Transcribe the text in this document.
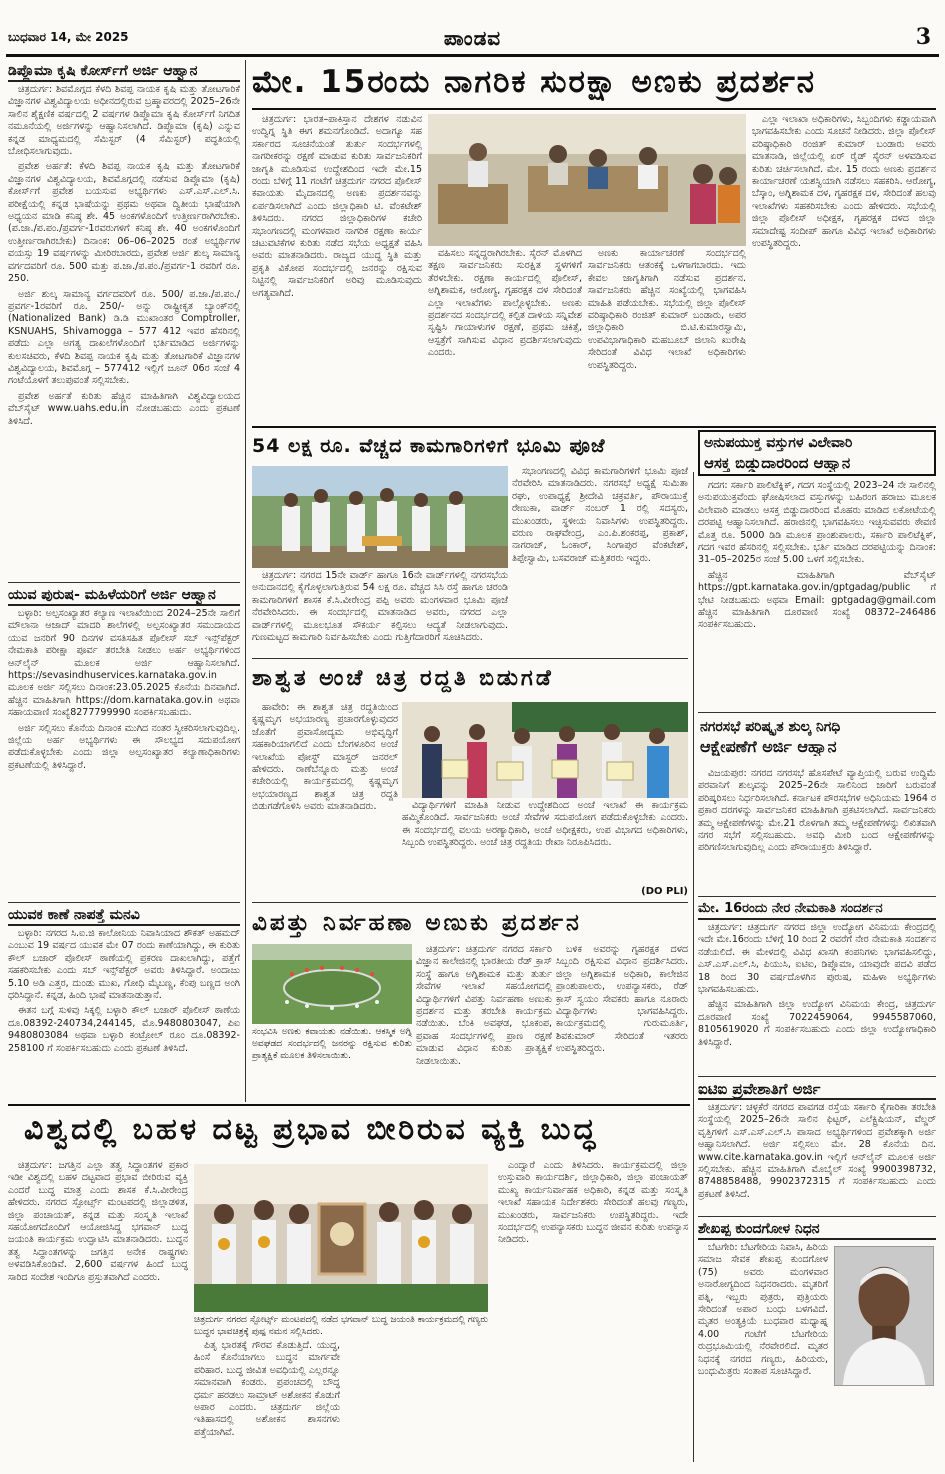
ಬುಧವಾರ 14, ಮೇ 2025	ಪಾಂಡವ	3
ಡಿಪ್ಲೊಮಾ ಕೃಷಿ ಕೋರ್ಸ್‌ಗೆ ಅರ್ಜಿ ಆಹ್ವಾನ

ಚಿತ್ರದುರ್ಗ: ಶಿವಮೊಗ್ಗದ ಕೆಳದಿ ಶಿವಪ್ಪ ನಾಯಕ ಕೃಷಿ ಮತ್ತು ತೋಟಗಾರಿಕೆ ವಿಜ್ಞಾನಗಳ ವಿಶ್ವವಿದ್ಯಾಲಯ ಅಧೀನದಲ್ಲಿರುವ ಬ್ರಹ್ಮಾವರದಲ್ಲಿ 2025–26ನೇ ಸಾಲಿನ ಶೈಕ್ಷಣಿಕ ವರ್ಷದಲ್ಲಿ 2 ವರ್ಷಗಳ ಡಿಪ್ಲೊಮಾ ಕೃಷಿ ಕೋರ್ಸ್‌ಗೆ ನಿಗದಿತ ನಮೂನೆಯಲ್ಲಿ ಅರ್ಜಿಗಳನ್ನು ಆಹ್ವಾನಿಸಲಾಗಿದೆ. ಡಿಪ್ಲೊಮಾ (ಕೃಷಿ) ಎನ್ನುವ ಕನ್ನಡ ಮಾಧ್ಯಮದಲ್ಲಿ ಸೆಮಿಸ್ಟರ್ (4 ಸೆಮಿಸ್ಟರ್) ಪದ್ಧತಿಯಲ್ಲಿ ಬೋಧಿಸಲಾಗುವುದು.

ಪ್ರವೇಶ ಅರ್ಹತೆ: ಕೆಳದಿ ಶಿವಪ್ಪ ನಾಯಕ ಕೃಷಿ ಮತ್ತು ತೋಟಗಾರಿಕೆ ವಿಜ್ಞಾನಗಳ ವಿಶ್ವವಿದ್ಯಾಲಯ, ಶಿವಮೊಗ್ಗದಲ್ಲಿ ನಡೆಸುವ ಡಿಪ್ಲೊಮಾ (ಕೃಷಿ) ಕೋರ್ಸ್‌ಗೆ ಪ್ರವೇಶ ಬಯಸುವ ಅಭ್ಯರ್ಥಿಗಳು ಎಸ್.ಎಸ್.ಎಲ್.ಸಿ. ಪರೀಕ್ಷೆಯಲ್ಲಿ ಕನ್ನಡ ಭಾಷೆಯನ್ನು ಪ್ರಥಮ ಅಥವಾ ದ್ವಿತೀಯ ಭಾಷೆಯಾಗಿ ಅಧ್ಯಯನ ಮಾಡಿ ಕನಿಷ್ಠ ಶೇ. 45 ಅಂಕಗಳೊಂದಿಗೆ ಉತ್ತೀರ್ಣರಾಗಿರಬೇಕು. (ಪ.ಜಾ./ಪ.ಪಂ./ಪ್ರವರ್ಗ-1ರವರುಗಳಿಗೆ ಕನಿಷ್ಠ ಶೇ. 40 ಅಂಕಗಳೊಂದಿಗೆ ಉತ್ತೀರ್ಣರಾಗಿರಬೇಕು) ದಿನಾಂಕ: 06–06–2025 ರಂತೆ ಅಭ್ಯರ್ಥಿಗಳ ವಯಸ್ಸು 19 ವರ್ಷಗಳನ್ನು ಮೀರಿರಬಾರದು, ಪ್ರವೇಶ ಅರ್ಜಿ ಶುಲ್ಕ ಸಾಮಾನ್ಯ ವರ್ಗದವರಿಗೆ ರೂ. 500 ಮತ್ತು ಪ.ಜಾ./ಪ.ಪಂ./ಪ್ರವರ್ಗ-1 ರವರಿಗೆ ರೂ. 250.

ಅರ್ಜಿ ಶುಲ್ಕ ಸಾಮಾನ್ಯ ವರ್ಗದವರಿಗೆ ರೂ. 500/ ಪ.ಜಾ./ಪ.ಪಂ./ಪ್ರವರ್ಗ-1ರವರಿಗೆ ರೂ. 250/- ಅನ್ನು ರಾಷ್ಟ್ರೀಕೃತ ಬ್ಯಾಂಕ್‌ನಲ್ಲಿ (Nationalized Bank) ಡಿ.ಡಿ ಮುಖಾಂತರ Comptroller, KSNUAHS, Shivamogga – 577 412 ಇವರ ಹೆಸರಿನಲ್ಲಿ ಪಡೆದು ಎಲ್ಲಾ ಅಗತ್ಯ ದಾಖಲೆಗಳೊಂದಿಗೆ ಭರ್ತಿಮಾಡಿದ ಅರ್ಜಿಗಳನ್ನು ಕುಲಸಚಿವರು, ಕೆಳದಿ ಶಿವಪ್ಪ ನಾಯಕ ಕೃಷಿ ಮತ್ತು ತೋಟಗಾರಿಕೆ ವಿಜ್ಞಾನಗಳ ವಿಶ್ವವಿದ್ಯಾಲಯ, ಶಿವಮೊಗ್ಗ – 577412 ಇಲ್ಲಿಗೆ ಜೂನ್ 06ರ ಸಂಜೆ 4 ಗಂಟೆಯೊಳಗೆ ತಲುಪುವಂತೆ ಸಲ್ಲಿಸಬೇಕು.

ಪ್ರವೇಶ ಅರ್ಹತೆ ಕುರಿತು ಹೆಚ್ಚಿನ ಮಾಹಿತಿಗಾಗಿ ವಿಶ್ವವಿದ್ಯಾಲಯದ ವೆಬ್‌ಸೈಟ್ www.uahs.edu.in ನೋಡಬಹುದು ಎಂದು ಪ್ರಕಟಣೆ ತಿಳಿಸಿದೆ.

ಯುವ ಪುರುಷ- ಮಹಿಳೆಯರಿಗೆ ಅರ್ಜಿ ಆಹ್ವಾನ

ಬಳ್ಳಾರಿ: ಅಲ್ಪಸಂಖ್ಯಾತರ ಕಲ್ಯಾಣ ಇಲಾಖೆಯಿಂದ 2024–25ನೇ ಸಾಲಿಗೆ ಮೌಲಾನಾ ಆಜಾದ್ ಮಾದರಿ ಶಾಲೆಗಳಲ್ಲಿ ಅಲ್ಪಸಂಖ್ಯಾತರ ಸಮುದಾಯದ ಯುವ ಜನರಿಗೆ 90 ದಿನಗಳ ವಸತಿಸಹಿತ ಪೊಲೀಸ್ ಸಬ್ ಇನ್ಸ್‌ಪೆಕ್ಟರ್ ನೇಮಕಾತಿ ಪರೀಕ್ಷಾ ಪೂರ್ವ ತರಬೇತಿ ನೀಡಲು ಅರ್ಹ ಅಭ್ಯರ್ಥಿಗಳಿಂದ ಆನ್‌ಲೈನ್ ಮೂಲಕ ಅರ್ಜಿ ಆಹ್ವಾನಿಸಲಾಗಿದೆ. https://sevasindhuservices.karnataka.gov.in ಮೂಲಕ ಅರ್ಜಿ ಸಲ್ಲಿಸಲು ದಿನಾಂಕ:23.05.2025 ಕೊನೆಯ ದಿನವಾಗಿದೆ. ಹೆಚ್ಚಿನ ಮಾಹಿತಿಗಾಗಿ https://dom.karnataka.gov.in ಅಥವಾ ಸಹಾಯವಾಣಿ ಸಂಖ್ಯೆ8277799990 ಸಂಪರ್ಕಿಸಬಹುದು.

ಅರ್ಜಿ ಸಲ್ಲಿಸಲು ಕೊನೆಯ ದಿನಾಂಕ ಮುಗಿದ ನಂತರ ಸ್ವೀಕರಿಸಲಾಗುವುದಿಲ್ಲ. ಜಿಲ್ಲೆಯ ಅರ್ಹ ಅಭ್ಯರ್ಥಿಗಳು ಈ ಸೌಲಭ್ಯದ ಸದುಪಯೋಗ ಪಡೆದುಕೊಳ್ಳಬೇಕು ಎಂದು ಜಿಲ್ಲಾ ಅಲ್ಪಸಂಖ್ಯಾತರ ಕಲ್ಯಾಣಾಧಿಕಾರಿಗಳು ಪ್ರಕಟಣೆಯಲ್ಲಿ ತಿಳಿಸಿದ್ದಾರೆ.

ಯುವಕ ಕಾಣೆ ನಾಪತ್ತೆ ಮನವಿ

ಬಳ್ಳಾರಿ: ನಗರದ ಸಿ.ಐ.ಜಿ ಕಾಲೋನಿಯ ನಿವಾಸಿಯಾದ ಶೌಕತ್ ಅಹಮದ್ ಎಂಬುವ 19 ವರ್ಷದ ಯುವಕ ಮೇ 07 ರಂದು ಕಾಣೆಯಾಗಿದ್ದು, ಈ ಕುರಿತು ಕೌಲ್ ಬಜಾರ್ ಪೊಲೀಸ್ ಠಾಣೆಯಲ್ಲಿ ಪ್ರಕರಣ ದಾಖಲಾಗಿದ್ದು, ಪತ್ತೆಗೆ ಸಹಕರಿಸಬೇಕು ಎಂದು ಸಬ್ ಇನ್ಸ್‌ಪೆಕ್ಟರ್ ಅವರು ತಿಳಿಸಿದ್ದಾರೆ. ಅಂದಾಜು 5.10 ಅಡಿ ಎತ್ತರ, ದುಂಡು ಮುಖ, ಗೋಧಿ ಮೈಬಣ್ಣ, ಕೆಂಪು ಬಣ್ಣದ ಅಂಗಿ ಧರಿಸಿದ್ದಾನೆ. ಕನ್ನಡ, ಹಿಂದಿ ಭಾಷೆ ಮಾತನಾಡುತ್ತಾನೆ.

ಈತನ ಬಗ್ಗೆ ಸುಳಿವು ಸಿಕ್ಕಲ್ಲಿ ಬಳ್ಳಾರಿ ಕೌಲ್ ಬಜಾರ್ ಪೊಲೀಸ್ ಠಾಣೆಯ ದೂ.08392-240734,244145, ಮೊ.9480803047, ಪಿಐ 9480803084 ಅಥವಾ ಬಳ್ಳಾರಿ ಕಂಟ್ರೋಲ್ ರೂಂ ದೂ.08392-258100 ಗೆ ಸಂಪರ್ಕಿಸಬಹುದು ಎಂದು ಪ್ರಕಟಣೆ ತಿಳಿಸಿದೆ.

ಮೇ. 15ರಂದು ನಾಗರಿಕ ಸುರಕ್ಷಾ ಅಣಕು ಪ್ರದರ್ಶನ

ಚಿತ್ರದುರ್ಗ: ಭಾರತ–ಪಾಕಿಸ್ತಾನ ದೇಶಗಳ ನಡುವಿನ ಉದ್ವಿಗ್ನ ಸ್ಥಿತಿ ಈಗ ಶಮನಗೊಂಡಿದೆ. ಅದಾಗ್ಯೂ ಸಹ ಸರ್ಕಾರದ ಸೂಚನೆಯಂತೆ ತುರ್ತು ಸಂದರ್ಭಗಳಲ್ಲಿ ನಾಗರೀಕರನ್ನು ರಕ್ಷಣೆ ಮಾಡುವ ಕುರಿತು ಸಾರ್ವಜನಿಕರಿಗೆ ಜಾಗೃತಿ ಮೂಡಿಸುವ ಉದ್ದೇಶದಿಂದ ಇದೇ ಮೇ.15 ರಂದು ಬೆಳಿಗ್ಗೆ 11 ಗಂಟೆಗೆ ಚಿತ್ರದುರ್ಗ ನಗರದ ಪೊಲೀಸ್ ಕವಾಯತು ಮೈದಾನದಲ್ಲಿ ಅಣಕು ಪ್ರದರ್ಶನವನ್ನು ಏರ್ಪಡಿಸಲಾಗಿದೆ ಎಂದು ಜಿಲ್ಲಾಧಿಕಾರಿ ಟಿ. ವೆಂಕಟೇಶ್ ತಿಳಿಸಿದರು. ನಗರದ ಜಿಲ್ಲಾಧಿಕಾರಿಗಳ ಕಚೇರಿ ಸಭಾಂಗಣದಲ್ಲಿ ಮಂಗಳವಾರ ನಾಗರಿಕ ರಕ್ಷಣಾ ಕಾರ್ಯ ಚಟುವಟಿಕೆಗಳ ಕುರಿತು ನಡೆದ ಸಭೆಯ ಅಧ್ಯಕ್ಷತೆ ವಹಿಸಿ ಅವರು ಮಾತನಾಡಿದರು. ರಾಜ್ಯದ ಯುದ್ಧ ಸ್ಥಿತಿ ಮತ್ತು ಪ್ರಕೃತಿ ವಿಕೋಪ ಸಂದರ್ಭದಲ್ಲಿ ಜನರನ್ನು ರಕ್ಷಿಸುವ ನಿಟ್ಟಿನಲ್ಲಿ ಸಾರ್ವಜನಿಕರಿಗೆ ಅರಿವು ಮೂಡಿಸುವುದು ಅಗತ್ಯವಾಗಿದೆ.

ವಹಿಸಲು ಸನ್ನದ್ದರಾಗಿರಬೇಕು. ಸೈರನ್ ಮೊಳಗಿದ ತಕ್ಷಣ ಸಾರ್ವಜನಿಕರು ಸುರಕ್ಷಿತ ಸ್ಥಳಗಳಿಗೆ ತೆರಳಬೇಕು. ರಕ್ಷಣಾ ಕಾರ್ಯದಲ್ಲಿ ಪೊಲೀಸ್, ಅಗ್ನಿಶಾಮಕ, ಆರೋಗ್ಯ, ಗೃಹರಕ್ಷಕ ದಳ ಸೇರಿದಂತೆ ಎಲ್ಲಾ ಇಲಾಖೆಗಳು ಪಾಲ್ಗೊಳ್ಳಬೇಕು. ಅಣಕು ಪ್ರದರ್ಶನದ ಸಂದರ್ಭದಲ್ಲಿ ಕಲ್ಪಿತ ದಾಳಿಯ ಸನ್ನಿವೇಶ ಸೃಷ್ಟಿಸಿ ಗಾಯಾಳುಗಳ ರಕ್ಷಣೆ, ಪ್ರಥಮ ಚಿಕಿತ್ಸೆ, ಆಸ್ಪತ್ರೆಗೆ ಸಾಗಿಸುವ ವಿಧಾನ ಪ್ರದರ್ಶಿಸಲಾಗುವುದು ಎಂದರು.

ಅಣಕು ಕಾರ್ಯಾಚರಣೆ ಸಂದರ್ಭದಲ್ಲಿ ಸಾರ್ವಜನಿಕರು ಆತಂಕಕ್ಕೆ ಒಳಗಾಗಬಾರದು. ಇದು ಕೇವಲ ಜಾಗೃತಿಗಾಗಿ ನಡೆಸುವ ಪ್ರದರ್ಶನ. ಸಾರ್ವಜನಿಕರು ಹೆಚ್ಚಿನ ಸಂಖ್ಯೆಯಲ್ಲಿ ಭಾಗವಹಿಸಿ ಮಾಹಿತಿ ಪಡೆಯಬೇಕು. ಸಭೆಯಲ್ಲಿ ಜಿಲ್ಲಾ ಪೊಲೀಸ್ ವರಿಷ್ಠಾಧಿಕಾರಿ ರಂಜಿತ್ ಕುಮಾರ್ ಬಂಡಾರು, ಅಪರ ಜಿಲ್ಲಾಧಿಕಾರಿ ಬಿ.ಟಿ.ಕುಮಾರಸ್ವಾಮಿ, ಉಪವಿಭಾಗಾಧಿಕಾರಿ ಮಹಬೂಬ್ ಜಿಲಾನಿ ಖುರೇಷಿ ಸೇರಿದಂತೆ ವಿವಿಧ ಇಲಾಖೆ ಅಧಿಕಾರಿಗಳು ಉಪಸ್ಥಿತರಿದ್ದರು.

ಎಲ್ಲಾ ಇಲಾಖಾ ಅಧಿಕಾರಿಗಳು, ಸಿಬ್ಬಂದಿಗಳು ಕಡ್ಡಾಯವಾಗಿ ಭಾಗವಹಿಸಬೇಕು ಎಂದು ಸೂಚನೆ ನೀಡಿದರು. ಜಿಲ್ಲಾ ಪೊಲೀಸ್ ವರಿಷ್ಠಾಧಿಕಾರಿ ರಂಜಿತ್ ಕುಮಾರ್ ಬಂಡಾರು ಅವರು ಮಾತನಾಡಿ, ಜಿಲ್ಲೆಯಲ್ಲಿ ಏರ್ ರೈಡ್ ಸೈರನ್ ಅಳವಡಿಸುವ ಕುರಿತು ಚರ್ಚಿಸಲಾಗಿದೆ. ಮೇ. 15 ರಂದು ಅಣಕು ಪ್ರದರ್ಶನ ಕಾರ್ಯಾಚರಣೆ ಯಶಸ್ವಿಯಾಗಿ ನಡೆಸಲು ಸಹಕರಿಸಿ. ಆರೋಗ್ಯ, ಬೆಸ್ಕಾಂ, ಅಗ್ನಿಶಾಮಕ ದಳ, ಗೃಹರಕ್ಷಕ ದಳ, ಸೇರಿದಂತೆ ಹಲವು ಇಲಾಖೆಗಳು ಸಹಕರಿಸಬೇಕು ಎಂದು ಹೇಳಿದರು. ಸಭೆಯಲ್ಲಿ ಜಿಲ್ಲಾ ಪೊಲೀಸ್ ಅಧೀಕ್ಷಕ, ಗೃಹರಕ್ಷಕ ದಳದ ಜಿಲ್ಲಾ ಸಮಾದೇಷ್ಟ ಸಂದೀಪ್ ಹಾಗೂ ವಿವಿಧ ಇಲಾಖೆ ಅಧಿಕಾರಿಗಳು ಉಪಸ್ಥಿತರಿದ್ದರು.

54 ಲಕ್ಷ ರೂ. ವೆಚ್ಚದ ಕಾಮಗಾರಿಗಳಿಗೆ ಭೂಮಿ ಪೂಜೆ

ಚಿತ್ರದುರ್ಗ: ನಗರದ 15ನೇ ವಾರ್ಡ್ ಹಾಗೂ 16ನೇ ವಾರ್ಡ್‌ಗಳಲ್ಲಿ ನಗರಸಭೆಯ ಅನುದಾನದಲ್ಲಿ ಕೈಗೊಳ್ಳಲಾಗುತ್ತಿರುವ 54 ಲಕ್ಷ ರೂ. ವೆಚ್ಚದ ಸಿಸಿ ರಸ್ತೆ ಹಾಗೂ ಚರಂಡಿ ಕಾಮಗಾರಿಗಳಿಗೆ ಶಾಸಕ ಕೆ.ಸಿ.ವೀರೇಂದ್ರ ಪಪ್ಪಿ ಅವರು ಮಂಗಳವಾರ ಭೂಮಿ ಪೂಜೆ ನೆರವೇರಿಸಿದರು. ಈ ಸಂದರ್ಭದಲ್ಲಿ ಮಾತನಾಡಿದ ಅವರು, ನಗರದ ಎಲ್ಲಾ ವಾರ್ಡ್‌ಗಳಲ್ಲಿ ಮೂಲಭೂತ ಸೌಕರ್ಯ ಕಲ್ಪಿಸಲು ಆದ್ಯತೆ ನೀಡಲಾಗುವುದು. ಗುಣಮಟ್ಟದ ಕಾಮಗಾರಿ ನಿರ್ವಹಿಸಬೇಕು ಎಂದು ಗುತ್ತಿಗೆದಾರರಿಗೆ ಸೂಚಿಸಿದರು.

ಸಭಾಂಗಣದಲ್ಲಿ ವಿವಿಧ ಕಾಮಗಾರಿಗಳಿಗೆ ಭೂಮಿ ಪೂಜೆ ನೆರವೇರಿಸಿ ಮಾತನಾಡಿದರು. ನಗರಸಭೆ ಅಧ್ಯಕ್ಷೆ ಸುಮಿತಾ ರಘು, ಉಪಾಧ್ಯಕ್ಷೆ ಶ್ರೀದೇವಿ ಚಕ್ರವರ್ತಿ, ಪೌರಾಯುಕ್ತೆ ರೇಣುಕಾ, ವಾರ್ಡ್ ನಂಬರ್ 1 ರಲ್ಲಿ ಸದಸ್ಯರು, ಮುಖಂಡರು, ಸ್ಥಳೀಯ ನಿವಾಸಿಗಳು ಉಪಸ್ಥಿತರಿದ್ದರು. ವರುಣ ರಾಘವೇಂದ್ರ, ಎಂ.ಪಿ.ಶಂಕರಪ್ಪ, ಪ್ರಕಾಶ್, ನಾಗರಾಜ್, ಓಂಕಾರ್, ಸಿಂಗಾಪುರ ವೆಂಕಟೇಶ್, ತಿಪ್ಪೇಸ್ವಾಮಿ, ಬಸವರಾಜ್ ಮತ್ತಿತರರು ಇದ್ದರು.

ಶಾಶ್ವತ ಅಂಚೆ ಚಿತ್ರ ರದ್ದತಿ ಬಿಡುಗಡೆ

ಹಾವೇರಿ: ಈ ಶಾಶ್ವತ ಚಿತ್ರ ರದ್ದತಿಯಿಂದ ಕೃಷ್ಣಮೃಗ ಅಭಯಾರಣ್ಯ ಪ್ರಚಾರಗೊಳ್ಳುವುದರ ಜೊತೆಗೆ ಪ್ರವಾಸೋದ್ಯಮ ಅಭಿವೃದ್ಧಿಗೆ ಸಹಕಾರಿಯಾಗಲಿದೆ ಎಂದು ಬೆಂಗಳೂರಿನ ಅಂಚೆ ಇಲಾಖೆಯ ಪೋಸ್ಟ್ ಮಾಸ್ಟರ್ ಜನರಲ್ ಹೇಳಿದರು. ರಾಣೆಬೆನ್ನೂರು ಮತ್ತು ಅಂಚೆ ಕಚೇರಿಯಲ್ಲಿ ಕಾರ್ಯಕ್ರಮದಲ್ಲಿ ಕೃಷ್ಣಮೃಗ ಅಭಯಾರಣ್ಯದ ಶಾಶ್ವತ ಚಿತ್ರ ರದ್ದತಿ ಬಿಡುಗಡೆಗೊಳಿಸಿ ಅವರು ಮಾತನಾಡಿದರು.	ವಿದ್ಯಾರ್ಥಿಗಳಿಗೆ ಮಾಹಿತಿ ನೀಡುವ ಉದ್ದೇಶದಿಂದ ಅಂಚೆ ಇಲಾಖೆ ಈ ಕಾರ್ಯಕ್ರಮ ಹಮ್ಮಿಕೊಂಡಿದೆ. ಸಾರ್ವಜನಿಕರು ಅಂಚೆ ಸೇವೆಗಳ ಸದುಪಯೋಗ ಪಡೆದುಕೊಳ್ಳಬೇಕು ಎಂದರು. ಈ ಸಂದರ್ಭದಲ್ಲಿ ವಲಯ ಅರಣ್ಯಾಧಿಕಾರಿ, ಅಂಚೆ ಅಧೀಕ್ಷಕರು, ಉಪ ವಿಭಾಗದ ಅಧಿಕಾರಿಗಳು, ಸಿಬ್ಬಂದಿ ಉಪಸ್ಥಿತರಿದ್ದರು. ಅಂಚೆ ಚಿತ್ರ ರದ್ದತಿಯ ರೇಖಾ ನಿರೂಪಿಸಿದರು.

(DO PLI)
ವಿಪತ್ತು ನಿರ್ವಹಣಾ ಅಣುಕು ಪ್ರದರ್ಶನ

ಚಿತ್ರದುರ್ಗ: ಚಿತ್ರದುರ್ಗ ನಗರದ ಸರ್ಕಾರಿ ವಿಜ್ಞಾನ ಕಾಲೇಜಿನಲ್ಲಿ ಭಾರತೀಯ ರೆಡ್ ಕ್ರಾಸ್ ಸಂಸ್ಥೆ ಹಾಗೂ ಅಗ್ನಿಶಾಮಕ ಮತ್ತು ತುರ್ತು ಸೇವೆಗಳ ಇಲಾಖೆ ಸಹಯೋಗದಲ್ಲಿ ವಿದ್ಯಾರ್ಥಿಗಳಿಗೆ ವಿಪತ್ತು ನಿರ್ವಹಣಾ ಅಣುಕು ಪ್ರದರ್ಶನ ಮತ್ತು ತರಬೇತಿ ಕಾರ್ಯಕ್ರಮ ನಡೆಯಿತು. ಬೆಂಕಿ ಅವಘಡ, ಭೂಕಂಪ, ಪ್ರವಾಹ ಸಂದರ್ಭಗಳಲ್ಲಿ ಪ್ರಾಣ ರಕ್ಷಣೆ ಮಾಡುವ ವಿಧಾನ ಕುರಿತು ಪ್ರಾತ್ಯಕ್ಷಿಕೆ ನೀಡಲಾಯಿತು.

ಸಂಭವಿಸಿ ಅಣಕು ಕವಾಯತು ನಡೆಯಿತು. ಆಕಸ್ಮಿಕ ಅಗ್ನಿ ಅವಘಡದ ಸಂದರ್ಭದಲ್ಲಿ ಜನರನ್ನು ರಕ್ಷಿಸುವ ಕುರಿತು ಪ್ರಾತ್ಯಕ್ಷಿಕೆ ಮೂಲಕ ತಿಳಿಸಲಾಯಿತು.

ಬಳಿಕ ಅವರನ್ನು ಗೃಹರಕ್ಷಕ ದಳದ ಸಿಬ್ಬಂದಿ ರಕ್ಷಿಸುವ ವಿಧಾನ ಪ್ರದರ್ಶಿಸಿದರು. ಜಿಲ್ಲಾ ಅಗ್ನಿಶಾಮಕ ಅಧಿಕಾರಿ, ಕಾಲೇಜಿನ ಪ್ರಾಂಶುಪಾಲರು, ಉಪನ್ಯಾಸಕರು, ರೆಡ್ ಕ್ರಾಸ್ ಸ್ವಯಂ ಸೇವಕರು ಹಾಗೂ ನೂರಾರು ವಿದ್ಯಾರ್ಥಿಗಳು ಭಾಗವಹಿಸಿದ್ದರು. ಕಾರ್ಯಕ್ರಮದಲ್ಲಿ ಗುರುಮೂರ್ತಿ, ಶಿವಕುಮಾರ್ ಸೇರಿದಂತೆ ಇತರರು ಉಪಸ್ಥಿತರಿದ್ದರು.

ವಿಶ್ವದಲ್ಲಿ ಬಹಳ ದಟ್ಟ ಪ್ರಭಾವ ಬೀರಿರುವ ವ್ಯಕ್ತಿ ಬುದ್ಧ

ಚಿತ್ರದುರ್ಗ: ಜಗತ್ತಿನ ಎಲ್ಲಾ ತತ್ವ ಸಿದ್ಧಾಂತಗಳ ಪ್ರಕಾರ ಇಡೀ ವಿಶ್ವದಲ್ಲಿ ಬಹಳ ದಟ್ಟವಾದ ಪ್ರಭಾವ ಬೀರಿರುವ ವ್ಯಕ್ತಿ ಎಂದರೆ ಬುದ್ಧ ಮಾತ್ರ ಎಂದು ಶಾಸಕ ಕೆ.ಸಿ.ವೀರೇಂದ್ರ ಹೇಳಿದರು. ನಗರದ ಸ್ಪೋರ್ಟ್ಸ್ ಮಂಟಪದಲ್ಲಿ ಜಿಲ್ಲಾಡಳಿತ, ಜಿಲ್ಲಾ ಪಂಚಾಯತ್, ಕನ್ನಡ ಮತ್ತು ಸಂಸ್ಕೃತಿ ಇಲಾಖೆ ಸಹಯೋಗದೊಂದಿಗೆ ಆಯೋಜಿಸಿದ್ದ ಭಗವಾನ್ ಬುದ್ಧ ಜಯಂತಿ ಕಾರ್ಯಕ್ರಮ ಉದ್ಘಾಟಿಸಿ ಮಾತನಾಡಿದರು. ಬುದ್ಧನ ತತ್ವ ಸಿದ್ಧಾಂತಗಳನ್ನು ಜಗತ್ತಿನ ಅನೇಕ ರಾಷ್ಟ್ರಗಳು ಅಳವಡಿಸಿಕೊಂಡಿವೆ. 2,600 ವರ್ಷಗಳ ಹಿಂದೆ ಬುದ್ಧ ಸಾರಿದ ಸಂದೇಶ ಇಂದಿಗೂ ಪ್ರಸ್ತುತವಾಗಿದೆ ಎಂದರು.

ಚಿತ್ರದುರ್ಗ ನಗರದ ಸ್ಪೋರ್ಟ್ಸ್ ಮಂಟಪದಲ್ಲಿ ನಡೆದ ಭಗವಾನ್ ಬುದ್ಧ ಜಯಂತಿ ಕಾರ್ಯಕ್ರಮದಲ್ಲಿ ಗಣ್ಯರು ಬುದ್ಧನ ಭಾವಚಿತ್ರಕ್ಕೆ ಪುಷ್ಪ ನಮನ ಸಲ್ಲಿಸಿದರು.

ಪಿತೃ ಭಾರತಕ್ಕೆ ಗೌರವ ಕೊಡುತ್ತಿದೆ. ಯುದ್ಧ, ಹಿಂಸೆ ಕೊನೆಯಾಗಲು ಬುದ್ಧನ ಮಾರ್ಗವೇ ಪರಿಹಾರ. ಬುದ್ಧ ಜೀವಿತ ಅವಧಿಯಲ್ಲಿ ಎಲ್ಲರನ್ನೂ ಸಮಾನವಾಗಿ ಕಂಡರು. ಪ್ರಪಂಚದಲ್ಲಿ ಬೌದ್ಧ ಧರ್ಮ ಹರಡಲು ಸಾಮ್ರಾಟ್ ಅಶೋಕನ ಕೊಡುಗೆ ಅಪಾರ ಎಂದರು. ಚಿತ್ರದುರ್ಗ ಜಿಲ್ಲೆಯ ಇತಿಹಾಸದಲ್ಲಿ ಅಶೋಕನ ಶಾಸನಗಳು ಪತ್ತೆಯಾಗಿವೆ.

ಎಂದ್ವಾರೆ ಎಂದು ತಿಳಿಸಿದರು. ಕಾರ್ಯಕ್ರಮದಲ್ಲಿ ಜಿಲ್ಲಾ ಉಸ್ತುವಾರಿ ಕಾರ್ಯದರ್ಶಿ, ಜಿಲ್ಲಾಧಿಕಾರಿ, ಜಿಲ್ಲಾ ಪಂಚಾಯತ್ ಮುಖ್ಯ ಕಾರ್ಯನಿರ್ವಾಹಕ ಅಧಿಕಾರಿ, ಕನ್ನಡ ಮತ್ತು ಸಂಸ್ಕೃತಿ ಇಲಾಖೆ ಸಹಾಯಕ ನಿರ್ದೇಶಕರು ಸೇರಿದಂತೆ ಹಲವು ಗಣ್ಯರು, ಮುಖಂಡರು, ಸಾರ್ವಜನಿಕರು ಉಪಸ್ಥಿತರಿದ್ದರು. ಇದೇ ಸಂದರ್ಭದಲ್ಲಿ ಉಪನ್ಯಾಸಕರು ಬುದ್ಧನ ಜೀವನ ಕುರಿತು ಉಪನ್ಯಾಸ ನೀಡಿದರು.

ಅನುಪಯುಕ್ತ ವಸ್ತುಗಳ ವಿಲೇವಾರಿ
ಆಸಕ್ತ ಬಿಡ್ಡುದಾರರಿಂದ ಆಹ್ವಾನ

ಗದಗ: ಸರ್ಕಾರಿ ಪಾಲಿಟೆಕ್ನಿಕ್, ಗದಗ ಸಂಸ್ಥೆಯಲ್ಲಿ 2023–24 ನೇ ಸಾಲಿನಲ್ಲಿ ಅನುಪಯುಕ್ತವೆಂದು ಘೋಷಿಸಲಾದ ವಸ್ತುಗಳನ್ನು ಬಹಿರಂಗ ಹರಾಜು ಮೂಲಕ ವಿಲೇವಾರಿ ಮಾಡಲು ಆಸಕ್ತ ಬಿಡ್ಡುದಾರರಿಂದ ಮೊಹರು ಮಾಡಿದ ಲಕೋಟೆಯಲ್ಲಿ ದರಪಟ್ಟಿ ಆಹ್ವಾನಿಸಲಾಗಿದೆ. ಹರಾಜಿನಲ್ಲಿ ಭಾಗವಹಿಸಲು ಇಚ್ಛಿಸುವವರು ಠೇವಣಿ ಮೊತ್ತ ರೂ. 5000 ಡಿಡಿ ಮೂಲಕ ಪ್ರಾಂಶುಪಾಲರು, ಸರ್ಕಾರಿ ಪಾಲಿಟೆಕ್ನಿಕ್, ಗದಗ ಇವರ ಹೆಸರಿನಲ್ಲಿ ಸಲ್ಲಿಸಬೇಕು. ಭರ್ತಿ ಮಾಡಿದ ದರಪಟ್ಟಿಯನ್ನು ದಿನಾಂಕ: 31–05–2025ರ ಸಂಜೆ 5.00 ಒಳಗೆ ಸಲ್ಲಿಸಬೇಕು.

ಹೆಚ್ಚಿನ ಮಾಹಿತಿಗಾಗಿ ವೆಬ್‌ಸೈಟ್ https://gpt.karnataka.gov.in/gptgadag/public ಗೆ ಭೇಟಿ ನೀಡಬಹುದು ಅಥವಾ Email: gptgadag@gmail.com ಹೆಚ್ಚಿನ ಮಾಹಿತಿಗಾಗಿ ದೂರವಾಣಿ ಸಂಖ್ಯೆ 08372–246486 ಸಂಪರ್ಕಿಸಬಹುದು.

ನಗರಸಭೆ ಪರಿಷ್ಕೃತ ಶುಲ್ಕ ನಿಗಧಿ
ಆಕ್ಷೇಪಣೆಗೆ ಅರ್ಜಿ ಆಹ್ವಾನ

ವಿಜಯಪುರ: ನಗರದ ನಗರಸಭೆ ಹೊಸಪೇಟೆ ವ್ಯಾಪ್ತಿಯಲ್ಲಿ ಬರುವ ಉದ್ದಿಮೆ ಪರವಾನಿಗೆ ಶುಲ್ಕವನ್ನು 2025–26ನೇ ಸಾಲಿನಿಂದ ಜಾರಿಗೆ ಬರುವಂತೆ ಪರಿಷ್ಕರಿಸಲು ನಿರ್ಧರಿಸಲಾಗಿದೆ. ಕರ್ನಾಟಕ ಪೌರಸಭೆಗಳ ಅಧಿನಿಯಮ 1964 ರ ಪ್ರಕಾರ ದರಗಳನ್ನು ಸಾರ್ವಜನಿಕರ ಮಾಹಿತಿಗಾಗಿ ಪ್ರಕಟಿಸಲಾಗಿದೆ. ಸಾರ್ವಜನಿಕರು ತಮ್ಮ ಆಕ್ಷೇಪಣೆಗಳನ್ನು ಮೇ.21 ರೊಳಗಾಗಿ ತಮ್ಮ ಆಕ್ಷೇಪಣೆಗಳನ್ನು ಲಿಖಿತವಾಗಿ ನಗರ ಸಭೆಗೆ ಸಲ್ಲಿಸಬಹುದು. ಅವಧಿ ಮೀರಿ ಬಂದ ಆಕ್ಷೇಪಣೆಗಳನ್ನು ಪರಿಗಣಿಸಲಾಗುವುದಿಲ್ಲ ಎಂದು ಪೌರಾಯುಕ್ತರು ತಿಳಿಸಿದ್ದಾರೆ.

ಮೇ. 16ರಂದು ನೇರ ನೇಮಕಾತಿ ಸಂದರ್ಶನ

ಚಿತ್ರದುರ್ಗ: ಚಿತ್ರದುರ್ಗ ನಗರದ ಜಿಲ್ಲಾ ಉದ್ಯೋಗ ವಿನಿಮಯ ಕೇಂದ್ರದಲ್ಲಿ ಇದೇ ಮೇ.16ರಂದು ಬೆಳಿಗ್ಗೆ 10 ರಿಂದ 2 ರವರೆಗೆ ನೇರ ನೇಮಕಾತಿ ಸಂದರ್ಶನ ನಡೆಯಲಿದೆ. ಈ ಮೇಳದಲ್ಲಿ ವಿವಿಧ ಖಾಸಗಿ ಕಂಪನಿಗಳು ಭಾಗವಹಿಸಲಿದ್ದು, ಎಸ್.ಎಸ್.ಎಲ್.ಸಿ, ಪಿಯುಸಿ, ಐಟಿಐ, ಡಿಪ್ಲೊಮಾ, ಯಾವುದೇ ಪದವಿ ಪಡೆದ 18 ರಿಂದ 30 ವರ್ಷದೊಳಗಿನ ಪುರುಷ, ಮಹಿಳಾ ಅಭ್ಯರ್ಥಿಗಳು ಭಾಗವಹಿಸಬಹುದು.

ಹೆಚ್ಚಿನ ಮಾಹಿತಿಗಾಗಿ ಜಿಲ್ಲಾ ಉದ್ಯೋಗ ವಿನಿಮಯ ಕೇಂದ್ರ, ಚಿತ್ರದುರ್ಗ ದೂರವಾಣಿ ಸಂಖ್ಯೆ 7022459064, 9945587060, 8105619020 ಗೆ ಸಂಪರ್ಕಿಸಬಹುದು ಎಂದು ಜಿಲ್ಲಾ ಉದ್ಯೋಗಾಧಿಕಾರಿ ತಿಳಿಸಿದ್ದಾರೆ.

ಐಟಿಐ ಪ್ರವೇಶಾತಿಗೆ ಅರ್ಜಿ

ಚಿತ್ರದುರ್ಗ: ಚಳ್ಳಕೆರೆ ನಗರದ ಪಾವಗಡ ರಸ್ತೆಯ ಸರ್ಕಾರಿ ಕೈಗಾರಿಕಾ ತರಬೇತಿ ಸಂಸ್ಥೆಯಲ್ಲಿ 2025–26ನೇ ಸಾಲಿನ ಫಿಟ್ಟರ್, ಎಲೆಕ್ಟ್ರಿಷಿಯನ್, ವೆಲ್ಡರ್ ವೃತ್ತಿಗಳಿಗೆ ಎಸ್.ಎಸ್.ಎಲ್.ಸಿ ಪಾಸಾದ ಅಭ್ಯರ್ಥಿಗಳಿಂದ ಪ್ರವೇಶಕ್ಕಾಗಿ ಅರ್ಜಿ ಆಹ್ವಾನಿಸಲಾಗಿದೆ. ಅರ್ಜಿ ಸಲ್ಲಿಸಲು ಮೇ. 28 ಕೊನೆಯ ದಿನ. www.cite.karnataka.gov.in ಇಲ್ಲಿಗೆ ಆನ್‌ಲೈನ್ ಮೂಲಕ ಅರ್ಜಿ ಸಲ್ಲಿಸಬೇಕು. ಹೆಚ್ಚಿನ ಮಾಹಿತಿಗಾಗಿ ಮೊಬೈಲ್ ಸಂಖ್ಯೆ 9900398732, 8748858488, 9902372315 ಗೆ ಸಂಪರ್ಕಿಸಬಹುದು ಎಂದು ಪ್ರಕಟಣೆ ತಿಳಿಸಿದೆ.

ಶೇಖಪ್ಪ ಕುಂದಗೋಳ ನಿಧನ

ಬೆಟಗೇರಿ: ಬೆಟಗೇರಿಯ ನಿವಾಸಿ, ಹಿರಿಯ ಸಮಾಜ ಸೇವಕ ಶೇಖಪ್ಪ ಕುಂದಗೋಳ (75) ಅವರು ಮಂಗಳವಾರ ಅನಾರೋಗ್ಯದಿಂದ ನಿಧನರಾದರು. ಮೃತರಿಗೆ ಪತ್ನಿ, ಇಬ್ಬರು ಪುತ್ರರು, ಪುತ್ರಿಯರು ಸೇರಿದಂತೆ ಅಪಾರ ಬಂಧು ಬಳಗವಿದೆ. ಮೃತರ ಅಂತ್ಯಕ್ರಿಯೆ ಬುಧವಾರ ಮಧ್ಯಾಹ್ನ 4.00 ಗಂಟೆಗೆ ಬೆಟಗೇರಿಯ ರುದ್ರಭೂಮಿಯಲ್ಲಿ ನೆರವೇರಲಿದೆ. ಮೃತರ ನಿಧನಕ್ಕೆ ನಗರದ ಗಣ್ಯರು, ಹಿರಿಯರು, ಬಂಧುಮಿತ್ರರು ಸಂತಾಪ ಸೂಚಿಸಿದ್ದಾರೆ.
